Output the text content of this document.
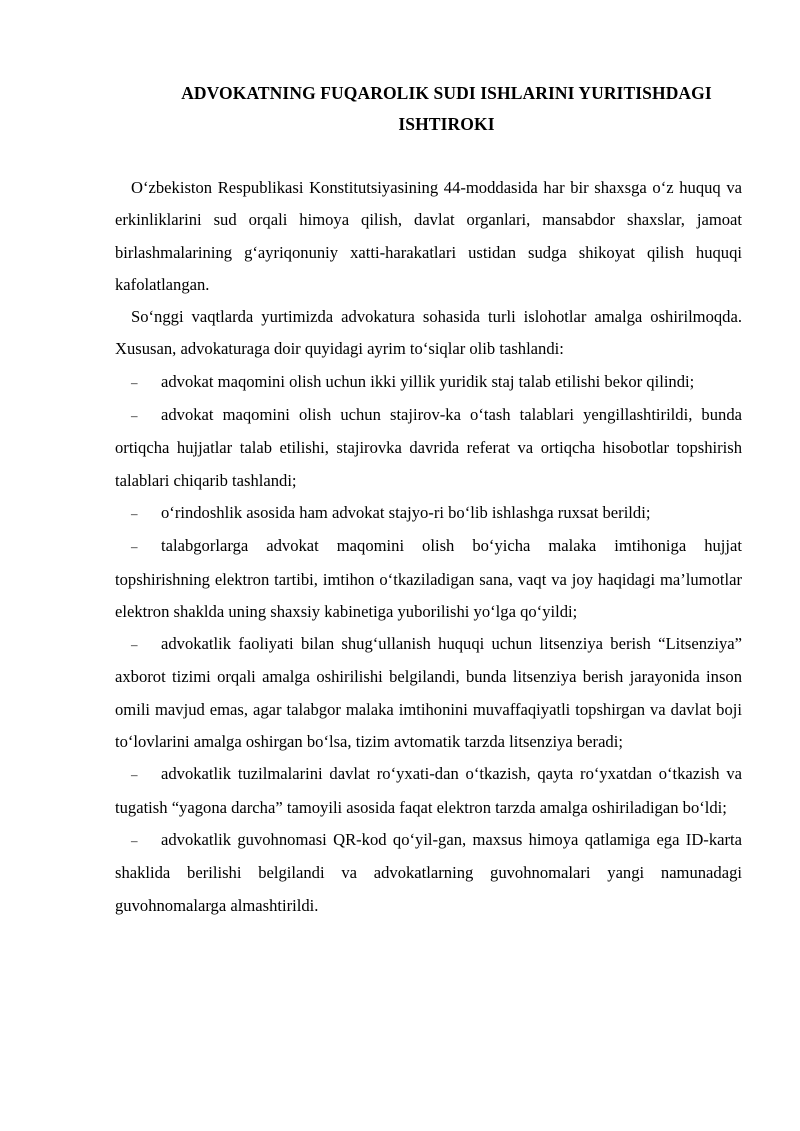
ADVOKATNING FUQAROLIK SUDI ISHLARINI YURITISHDAGI ISHTIROKI

O‘zbekiston Respublikasi Konstitutsiyasining 44-moddasida har bir shaxsga o‘z huquq va erkinliklarini sud orqali himoya qilish, davlat organlari, mansabdor shaxslar, jamoat birlashmalarining g‘ayriqonuniy xatti-harakatlari ustidan sudga shikoyat qilish huquqi kafolatlangan.

So‘nggi vaqtlarda yurtimizda advokatura sohasida turli islohotlar amalga oshirilmoqda. Xususan, advokaturaga doir quyidagi ayrim to‘siqlar olib tashlandi:

– advokat maqomini olish uchun ikki yillik yuridik staj talab etilishi bekor qilindi;

– advokat maqomini olish uchun stajirov-ka o‘tash talablari yengillashtirildi, bunda ortiqcha hujjatlar talab etilishi, stajirovka davrida referat va ortiqcha hisobotlar topshirish talablari chiqarib tashlandi;

– o‘rindoshlik asosida ham advokat stajyo-ri bo‘lib ishlashga ruxsat berildi;

– talabgorlarga advokat maqomini olish bo‘yicha malaka imtihoniga hujjat topshirishning elektron tartibi, imtihon o‘tkaziladigan sana, vaqt va joy haqidagi ma’lumotlar elektron shaklda uning shaxsiy kabinetiga yuborilishi yo‘lga qo‘yildi;

– advokatlik faoliyati bilan shug‘ullanish huquqi uchun litsenziya berish “Litsenziya” axborot tizimi orqali amalga oshirilishi belgilandi, bunda litsenziya berish jarayonida inson omili mavjud emas, agar talabgor malaka imtihonini muvaffaqiyatli topshirgan va davlat boji to‘lovlarini amalga oshirgan bo‘lsa, tizim avtomatik tarzda litsenziya beradi;

– advokatlik tuzilmalarini davlat ro‘yxati-dan o‘tkazish, qayta ro‘yxatdan o‘tkazish va tugatish “yagona darcha” tamoyili asosida faqat elektron tarzda amalga oshiriladigan bo‘ldi;

– advokatlik guvohnomasi QR-kod qo‘yil-gan, maxsus himoya qatlamiga ega ID-karta shaklida berilishi belgilandi va advokatlarning guvohnomalari yangi namunadagi guvohnomalarga almashtirildi.
